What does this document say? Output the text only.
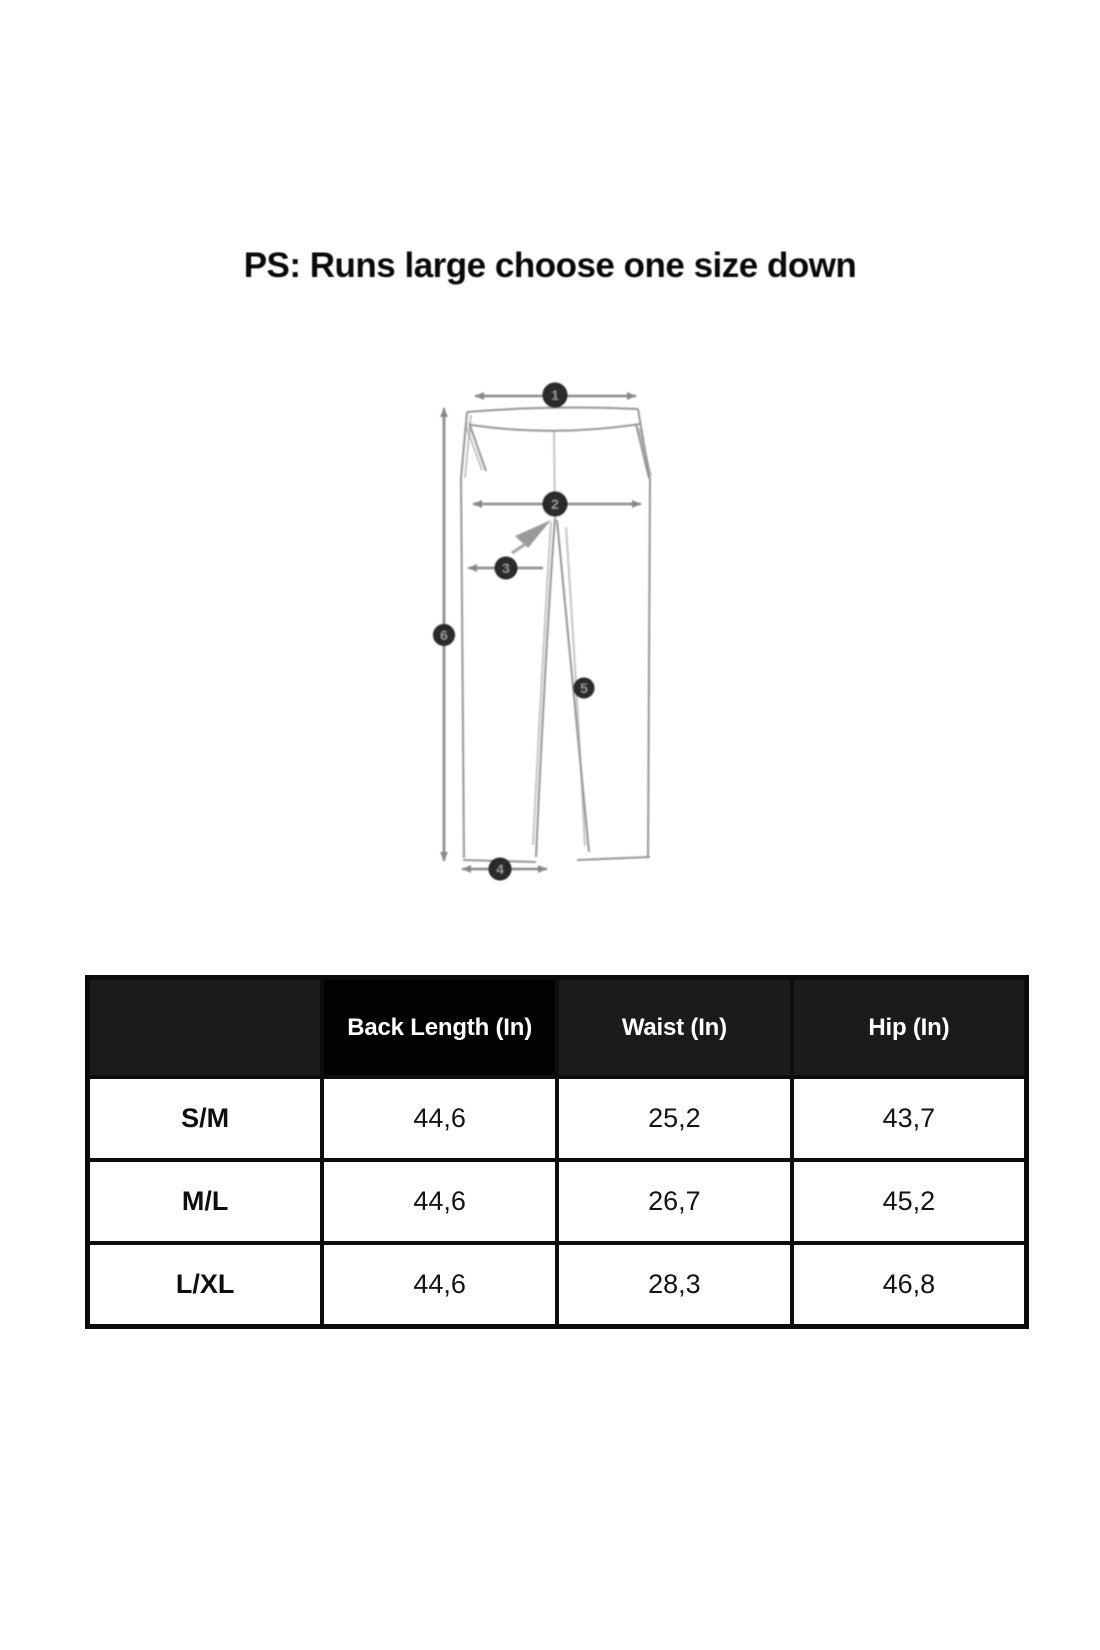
PS: Runs large choose one size down
1
2
3
4
5
6
	Back Length (In)	Waist (In)	Hip (In)
S/M	44,6	25,2	43,7
M/L	44,6	26,7	45,2
L/XL	44,6	28,3	46,8
